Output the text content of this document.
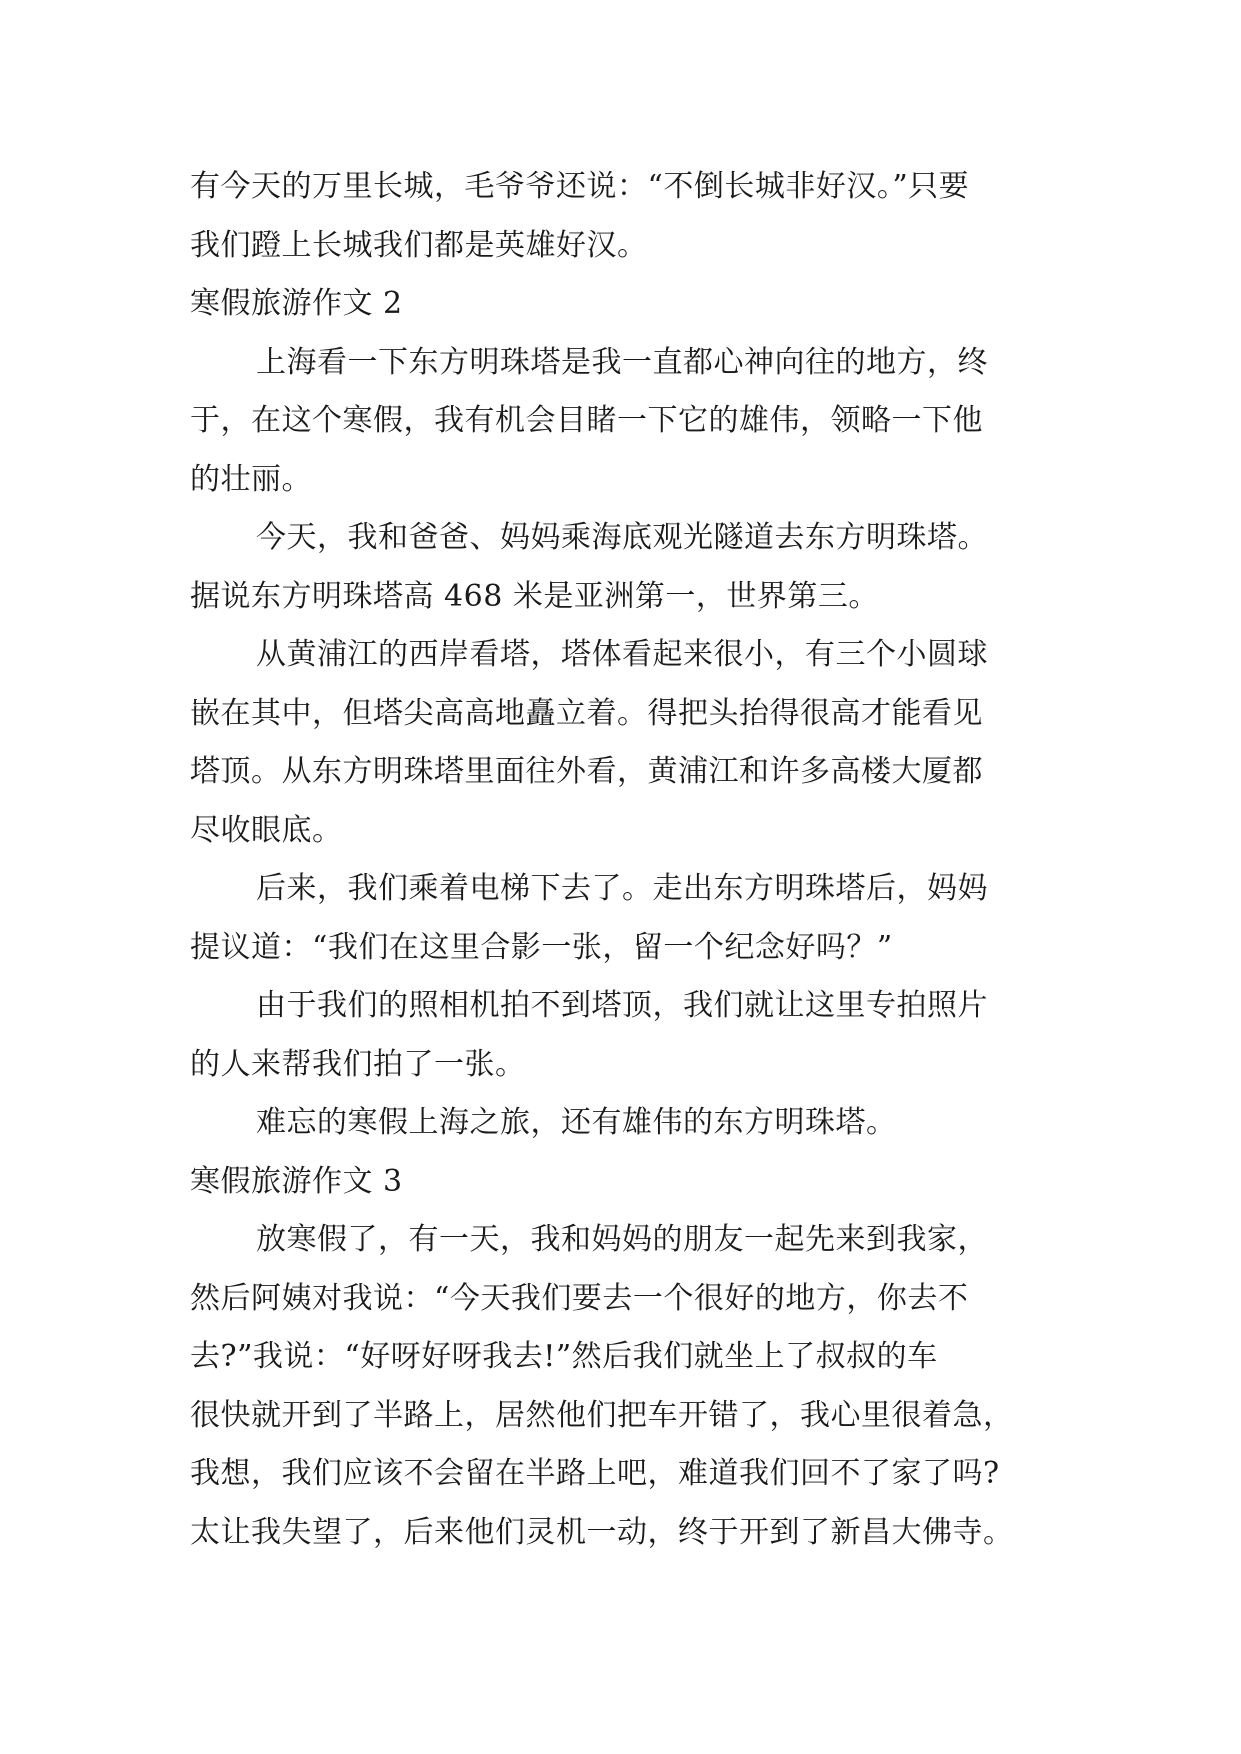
有今天的万里长城，毛爷爷还说：“不倒长城非好汉。”只要
我们蹬上长城我们都是英雄好汉。
寒假旅游作文 2
上海看一下东方明珠塔是我一直都心神向往的地方，终
于，在这个寒假，我有机会目睹一下它的雄伟，领略一下他
的壮丽。
今天，我和爸爸、妈妈乘海底观光隧道去东方明珠塔。
据说东方明珠塔高 468 米是亚洲第一，世界第三。
从黄浦江的西岸看塔，塔体看起来很小，有三个小圆球
嵌在其中，但塔尖高高地矗立着。得把头抬得很高才能看见
塔顶。从东方明珠塔里面往外看，黄浦江和许多高楼大厦都
尽收眼底。
后来，我们乘着电梯下去了。走出东方明珠塔后，妈妈
提议道：“我们在这里合影一张，留一个纪念好吗？”
由于我们的照相机拍不到塔顶，我们就让这里专拍照片
的人来帮我们拍了一张。
难忘的寒假上海之旅，还有雄伟的东方明珠塔。
寒假旅游作文 3
放寒假了，有一天，我和妈妈的朋友一起先来到我家，
然后阿姨对我说：“今天我们要去一个很好的地方，你去不
去?”我说：“好呀好呀我去!”然后我们就坐上了叔叔的车
很快就开到了半路上，居然他们把车开错了，我心里很着急，
我想，我们应该不会留在半路上吧，难道我们回不了家了吗?
太让我失望了，后来他们灵机一动，终于开到了新昌大佛寺。
